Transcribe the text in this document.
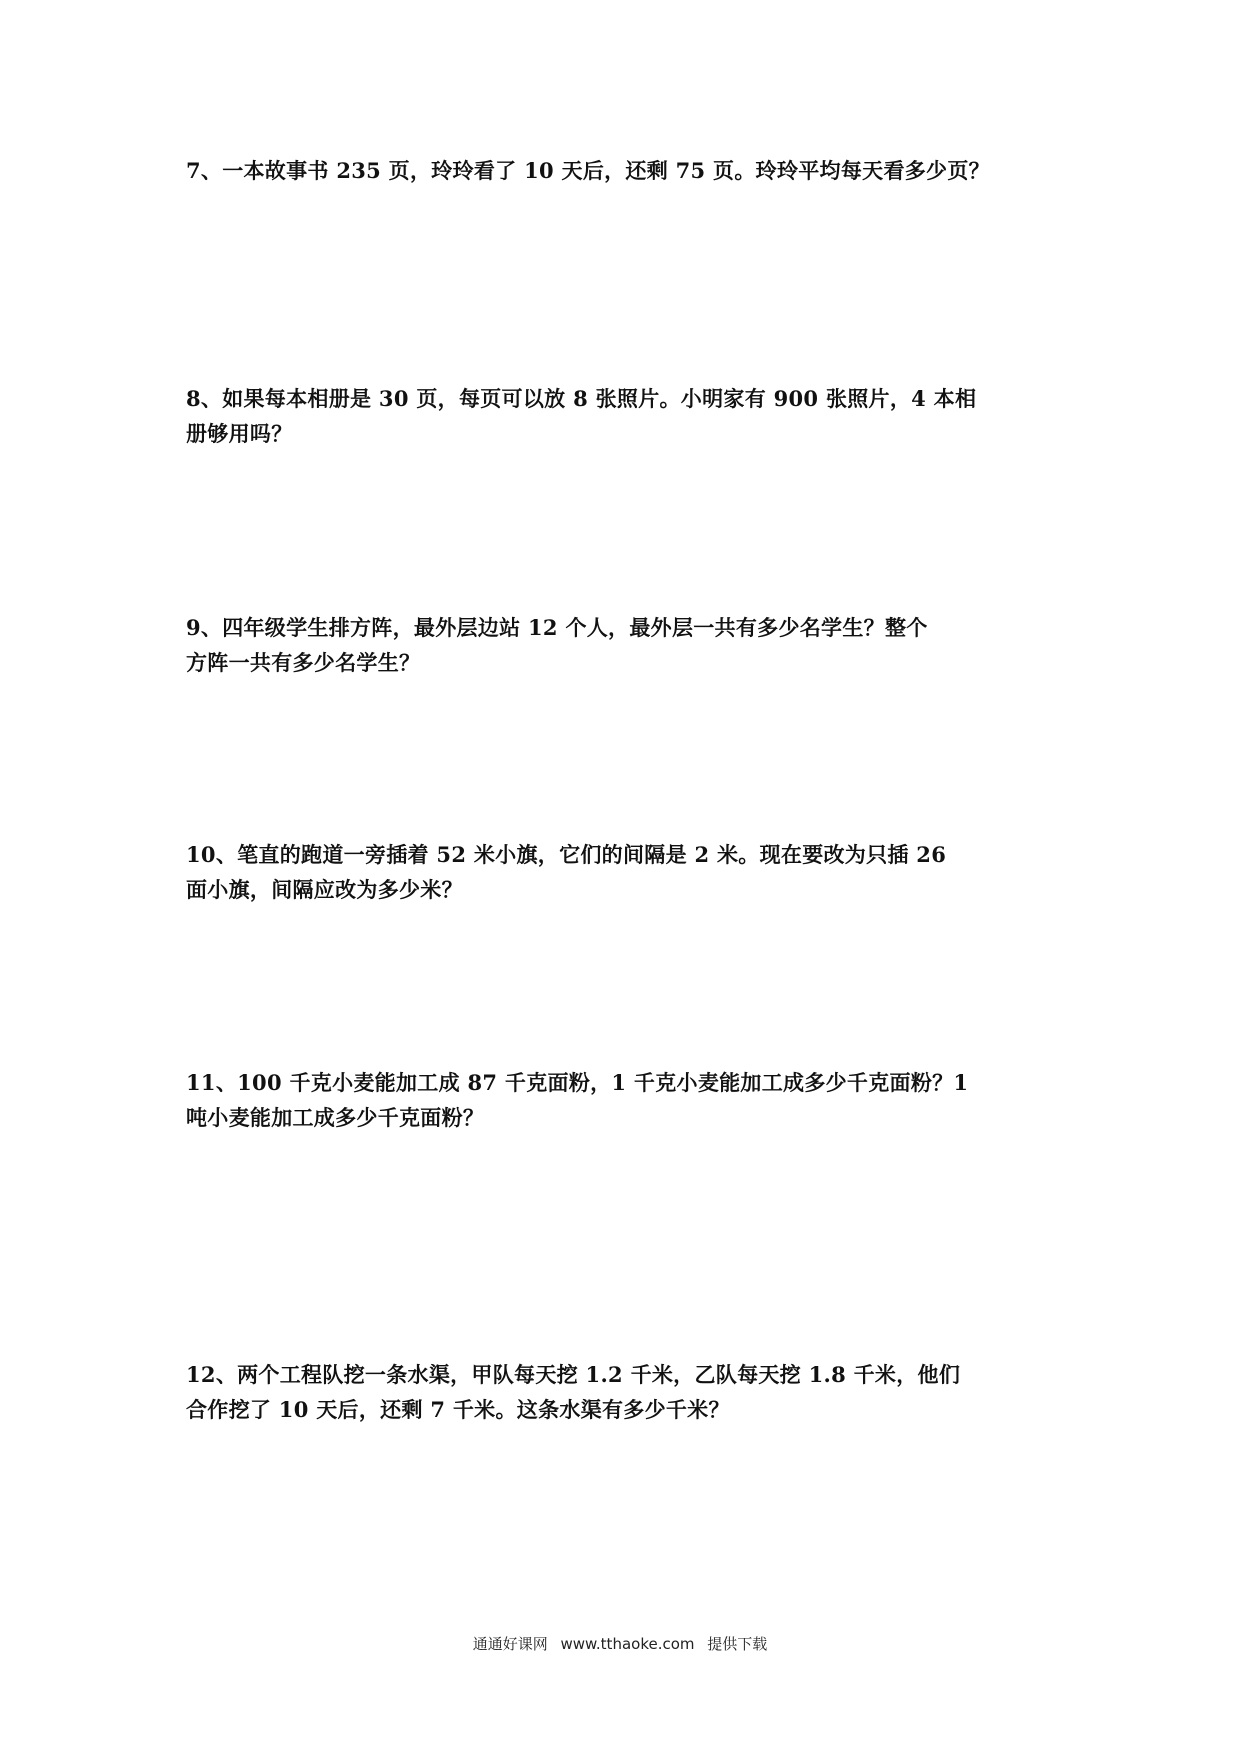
7、一本故事书 235 页，玲玲看了 10 天后，还剩 75 页。玲玲平均每天看多少页？
8、如果每本相册是 30 页，每页可以放 8 张照片。小明家有 900 张照片，4 本相
册够用吗？
9、四年级学生排方阵，最外层边站 12 个人，最外层一共有多少名学生？整个
方阵一共有多少名学生？
10、笔直的跑道一旁插着 52 米小旗，它们的间隔是 2 米。现在要改为只插 26
面小旗，间隔应改为多少米？
11、100 千克小麦能加工成 87 千克面粉，1 千克小麦能加工成多少千克面粉？1
吨小麦能加工成多少千克面粉？
12、两个工程队挖一条水渠，甲队每天挖 1.2 千米，乙队每天挖 1.8 千米，他们
合作挖了 10 天后，还剩 7 千米。这条水渠有多少千米？
通通好课网 www.tthaoke.com 提供下载
